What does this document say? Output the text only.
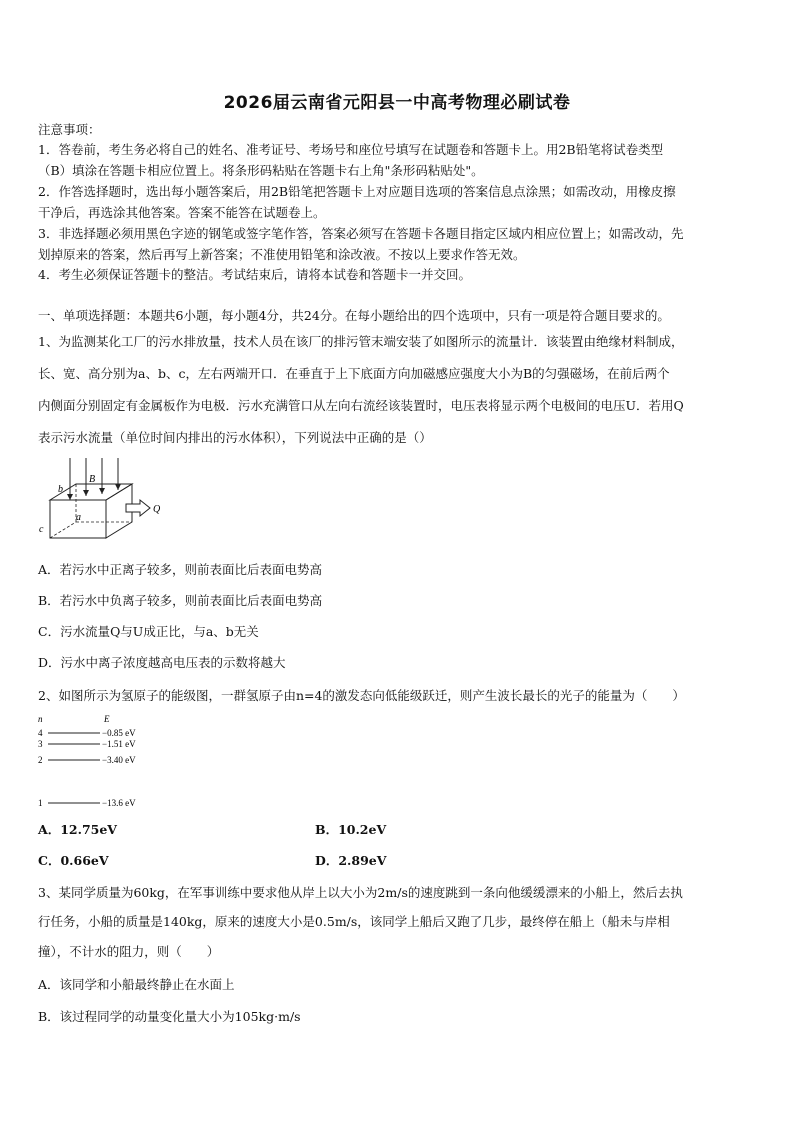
2026届云南省元阳县一中高考物理必刷试卷
注意事项：
1．答卷前，考生务必将自己的姓名、准考证号、考场号和座位号填写在试题卷和答题卡上。用2B铅笔将试卷类型
（B）填涂在答题卡相应位置上。将条形码粘贴在答题卡右上角"条形码粘贴处"。
2．作答选择题时，选出每小题答案后，用2B铅笔把答题卡上对应题目选项的答案信息点涂黑；如需改动，用橡皮擦
干净后，再选涂其他答案。答案不能答在试题卷上。
3．非选择题必须用黑色字迹的钢笔或签字笔作答，答案必须写在答题卡各题目指定区域内相应位置上；如需改动，先
划掉原来的答案，然后再写上新答案；不准使用铅笔和涂改液。不按以上要求作答无效。
4．考生必须保证答题卡的整洁。考试结束后，请将本试卷和答题卡一并交回。
一、单项选择题：本题共6小题，每小题4分，共24分。在每小题给出的四个选项中，只有一项是符合题目要求的。
1、为监测某化工厂的污水排放量，技术人员在该厂的排污管末端安装了如图所示的流量计．该装置由绝缘材料制成，
长、宽、高分别为a、b、c，左右两端开口．在垂直于上下底面方向加磁感应强度大小为B的匀强磁场，在前后两个
内侧面分别固定有金属板作为电极．污水充满管口从左向右流经该装置时，电压表将显示两个电极间的电压U．若用Q
表示污水流量（单位时间内排出的污水体积），下列说法中正确的是（）
b
B
a
c
Q
A．若污水中正离子较多，则前表面比后表面电势高
B．若污水中负离子较多，则前表面比后表面电势高
C．污水流量Q与U成正比，与a、b无关
D．污水中离子浓度越高电压表的示数将越大
2、如图所示为氢原子的能级图，一群氢原子由n=4的激发态向低能级跃迁，则产生波长最长的光子的能量为（　　）
n	E
4	−0.85 eV
3	−1.51 eV
2	−3.40 eV
1	−13.6 eV
A．12.75eV	B．10.2eV
C．0.66eV	D．2.89eV
3、某同学质量为60kg，在军事训练中要求他从岸上以大小为2m/s的速度跳到一条向他缓缓漂来的小船上，然后去执
行任务，小船的质量是140kg，原来的速度大小是0.5m/s，该同学上船后又跑了几步，最终停在船上（船未与岸相
撞），不计水的阻力，则（　　）
A．该同学和小船最终静止在水面上
B．该过程同学的动量变化量大小为105kg·m/s
